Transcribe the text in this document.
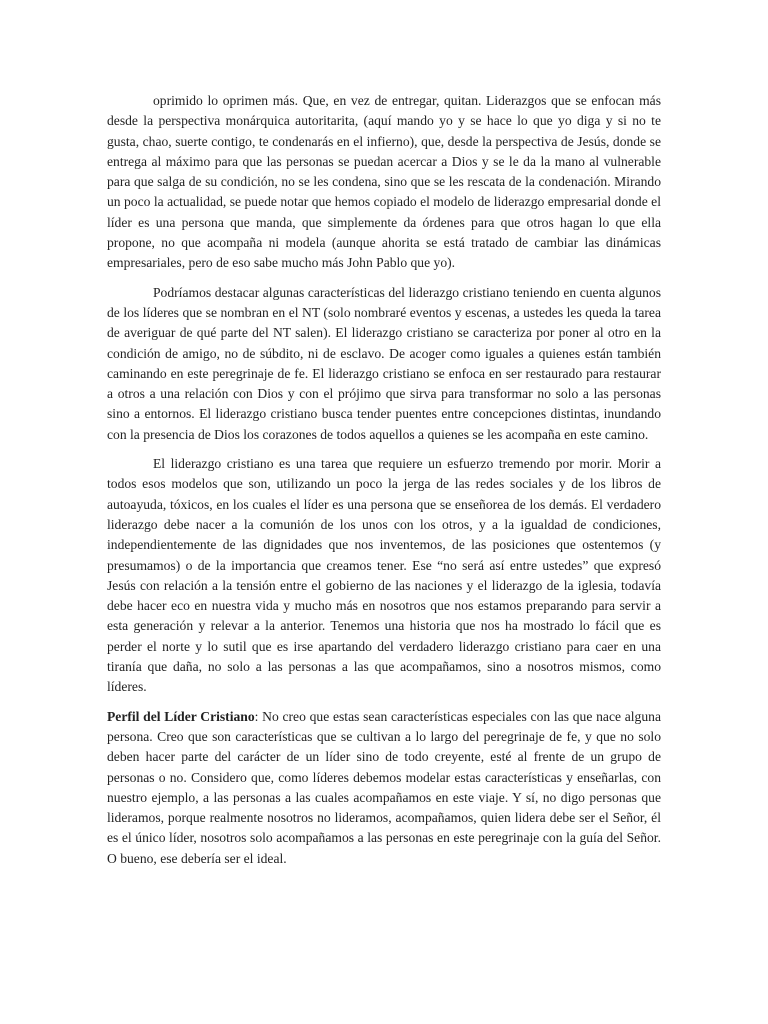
oprimido lo oprimen más. Que, en vez de entregar, quitan. Liderazgos que se enfocan más desde la perspectiva monárquica autoritarita, (aquí mando yo y se hace lo que yo diga y si no te gusta, chao, suerte contigo, te condenarás en el infierno), que, desde la perspectiva de Jesús, donde se entrega al máximo para que las personas se puedan acercar a Dios y se le da la mano al vulnerable para que salga de su condición, no se les condena, sino que se les rescata de la condenación. Mirando un poco la actualidad, se puede notar que hemos copiado el modelo de liderazgo empresarial donde el líder es una persona que manda, que simplemente da órdenes para que otros hagan lo que ella propone, no que acompaña ni modela (aunque ahorita se está tratado de cambiar las dinámicas empresariales, pero de eso sabe mucho más John Pablo que yo).

Podríamos destacar algunas características del liderazgo cristiano teniendo en cuenta algunos de los líderes que se nombran en el NT (solo nombraré eventos y escenas, a ustedes les queda la tarea de averiguar de qué parte del NT salen). El liderazgo cristiano se caracteriza por poner al otro en la condición de amigo, no de súbdito, ni de esclavo. De acoger como iguales a quienes están también caminando en este peregrinaje de fe. El liderazgo cristiano se enfoca en ser restaurado para restaurar a otros a una relación con Dios y con el prójimo que sirva para transformar no solo a las personas sino a entornos. El liderazgo cristiano busca tender puentes entre concepciones distintas, inundando con la presencia de Dios los corazones de todos aquellos a quienes se les acompaña en este camino.

El liderazgo cristiano es una tarea que requiere un esfuerzo tremendo por morir. Morir a todos esos modelos que son, utilizando un poco la jerga de las redes sociales y de los libros de autoayuda, tóxicos, en los cuales el líder es una persona que se enseñorea de los demás. El verdadero liderazgo debe nacer a la comunión de los unos con los otros, y a la igualdad de condiciones, independientemente de las dignidades que nos inventemos, de las posiciones que ostentemos (y presumamos) o de la importancia que creamos tener. Ese “no será así entre ustedes” que expresó Jesús con relación a la tensión entre el gobierno de las naciones y el liderazgo de la iglesia, todavía debe hacer eco en nuestra vida y mucho más en nosotros que nos estamos preparando para servir a esta generación y relevar a la anterior. Tenemos una historia que nos ha mostrado lo fácil que es perder el norte y lo sutil que es irse apartando del verdadero liderazgo cristiano para caer en una tiranía que daña, no solo a las personas a las que acompañamos, sino a nosotros mismos, como líderes.

Perfil del Líder Cristiano: No creo que estas sean características especiales con las que nace alguna persona. Creo que son características que se cultivan a lo largo del peregrinaje de fe, y que no solo deben hacer parte del carácter de un líder sino de todo creyente, esté al frente de un grupo de personas o no. Considero que, como líderes debemos modelar estas características y enseñarlas, con nuestro ejemplo, a las personas a las cuales acompañamos en este viaje. Y sí, no digo personas que lideramos, porque realmente nosotros no lideramos, acompañamos, quien lidera debe ser el Señor, él es el único líder, nosotros solo acompañamos a las personas en este peregrinaje con la guía del Señor. O bueno, ese debería ser el ideal.
